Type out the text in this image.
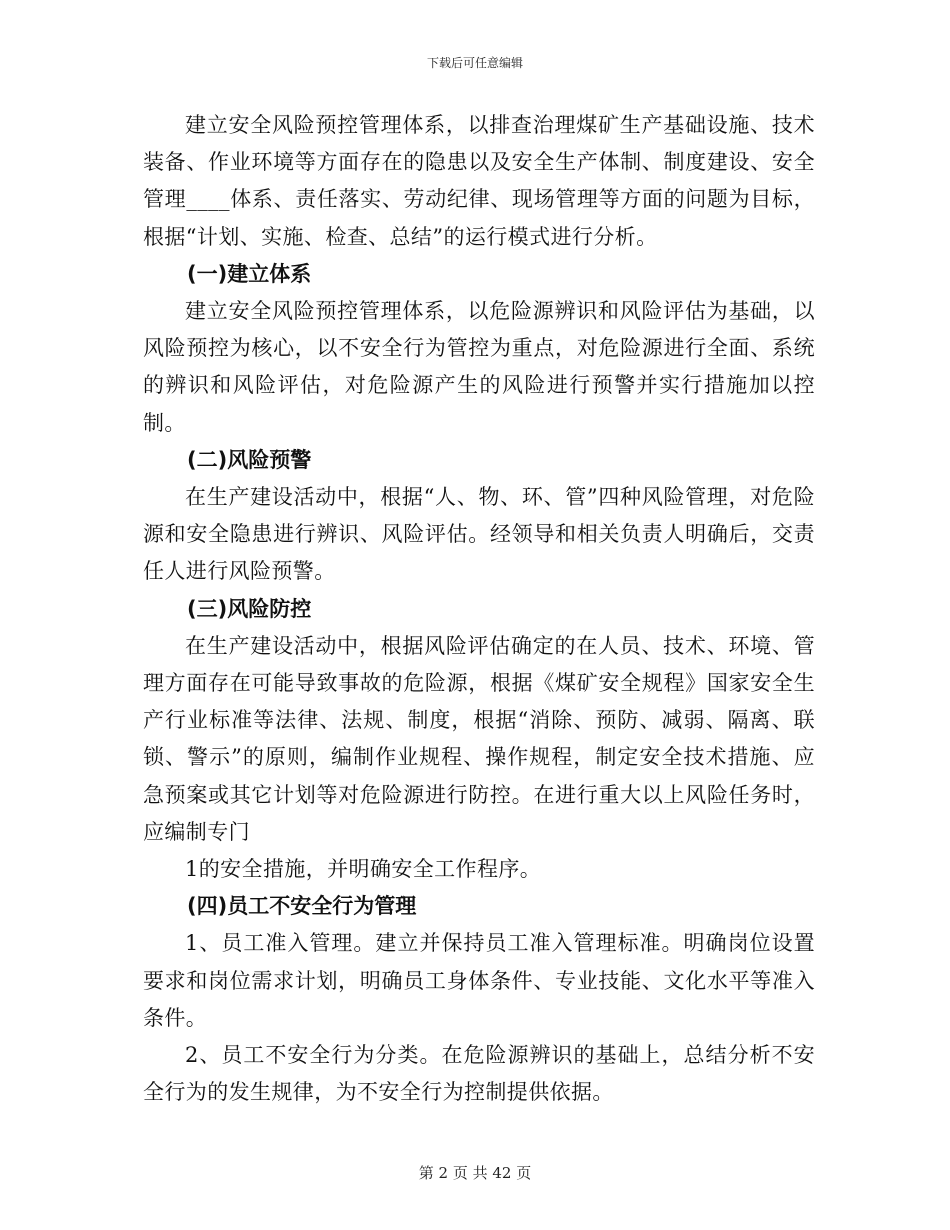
下载后可任意编辑

建立安全风险预控管理体系，以排查治理煤矿生产基础设施、技术装备、作业环境等方面存在的隐患以及安全生产体制、制度建设、安全管理____体系、责任落实、劳动纪律、现场管理等方面的问题为目标，根据“计划、实施、检查、总结”的运行模式进行分析。

(一)建立体系

建立安全风险预控管理体系，以危险源辨识和风险评估为基础，以风险预控为核心，以不安全行为管控为重点，对危险源进行全面、系统的辨识和风险评估，对危险源产生的风险进行预警并实行措施加以控制。

(二)风险预警

在生产建设活动中，根据“人、物、环、管”四种风险管理，对危险源和安全隐患进行辨识、风险评估。经领导和相关负责人明确后，交责任人进行风险预警。

(三)风险防控

在生产建设活动中，根据风险评估确定的在人员、技术、环境、管理方面存在可能导致事故的危险源，根据《煤矿安全规程》国家安全生产行业标准等法律、法规、制度，根据“消除、预防、减弱、隔离、联锁、警示”的原则，编制作业规程、操作规程，制定安全技术措施、应急预案或其它计划等对危险源进行防控。在进行重大以上风险任务时，应编制专门

1的安全措施，并明确安全工作程序。

(四)员工不安全行为管理

1、员工准入管理。建立并保持员工准入管理标准。明确岗位设置要求和岗位需求计划，明确员工身体条件、专业技能、文化水平等准入条件。

2、员工不安全行为分类。在危险源辨识的基础上，总结分析不安全行为的发生规律，为不安全行为控制提供依据。

第 2 页 共 42 页
